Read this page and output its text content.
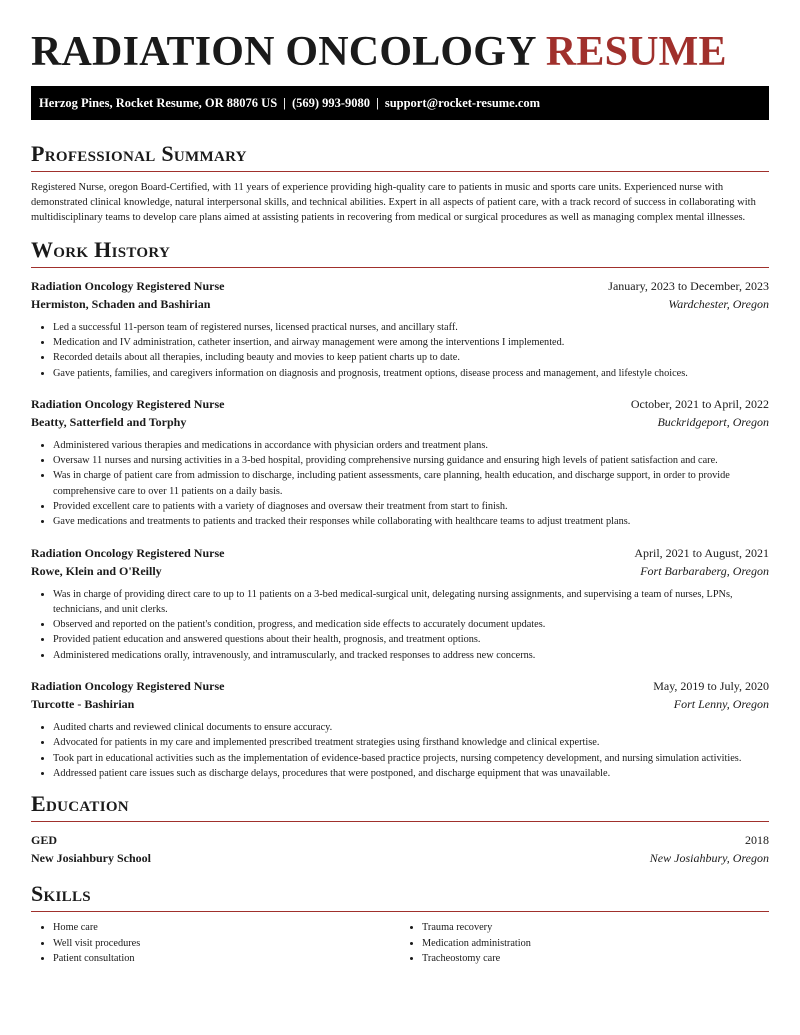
RADIATION ONCOLOGY RESUME
Herzog Pines, Rocket Resume, OR 88076 US | (569) 993-9080 | support@rocket-resume.com
Professional Summary

Registered Nurse, oregon Board-Certified, with 11 years of experience providing high-quality care to patients in music and sports care units. Experienced nurse with demonstrated clinical knowledge, natural interpersonal skills, and technical abilities. Expert in all aspects of patient care, with a track record of success in collaborating with multidisciplinary teams to develop care plans aimed at assisting patients in recovering from medical or surgical procedures as well as managing complex mental illnesses.

Work History
Radiation Oncology Registered Nurse	January, 2023 to December, 2023
Hermiston, Schaden and Bashirian	Wardchester, Oregon
• Led a successful 11-person team of registered nurses, licensed practical nurses, and ancillary staff.
• Medication and IV administration, catheter insertion, and airway management were among the interventions I implemented.
• Recorded details about all therapies, including beauty and movies to keep patient charts up to date.
• Gave patients, families, and caregivers information on diagnosis and prognosis, treatment options, disease process and management, and lifestyle choices.
Radiation Oncology Registered Nurse	October, 2021 to April, 2022
Beatty, Satterfield and Torphy	Buckridgeport, Oregon
• Administered various therapies and medications in accordance with physician orders and treatment plans.
• Oversaw 11 nurses and nursing activities in a 3-bed hospital, providing comprehensive nursing guidance and ensuring high levels of patient satisfaction and care.
• Was in charge of patient care from admission to discharge, including patient assessments, care planning, health education, and discharge support, in order to provide comprehensive care to over 11 patients on a daily basis.
• Provided excellent care to patients with a variety of diagnoses and oversaw their treatment from start to finish.
• Gave medications and treatments to patients and tracked their responses while collaborating with healthcare teams to adjust treatment plans.
Radiation Oncology Registered Nurse	April, 2021 to August, 2021
Rowe, Klein and O'Reilly	Fort Barbaraberg, Oregon
• Was in charge of providing direct care to up to 11 patients on a 3-bed medical-surgical unit, delegating nursing assignments, and supervising a team of nurses, LPNs, technicians, and unit clerks.
• Observed and reported on the patient's condition, progress, and medication side effects to accurately document updates.
• Provided patient education and answered questions about their health, prognosis, and treatment options.
• Administered medications orally, intravenously, and intramuscularly, and tracked responses to address new concerns.
Radiation Oncology Registered Nurse	May, 2019 to July, 2020
Turcotte - Bashirian	Fort Lenny, Oregon
• Audited charts and reviewed clinical documents to ensure accuracy.
• Advocated for patients in my care and implemented prescribed treatment strategies using firsthand knowledge and clinical expertise.
• Took part in educational activities such as the implementation of evidence-based practice projects, nursing competency development, and nursing simulation activities.
• Addressed patient care issues such as discharge delays, procedures that were postponed, and discharge equipment that was unavailable.
Education
GED	2018
New Josiahbury School	New Josiahbury, Oregon
Skills
• Home care
• Well visit procedures
• Patient consultation
• Trauma recovery
• Medication administration
• Tracheostomy care
